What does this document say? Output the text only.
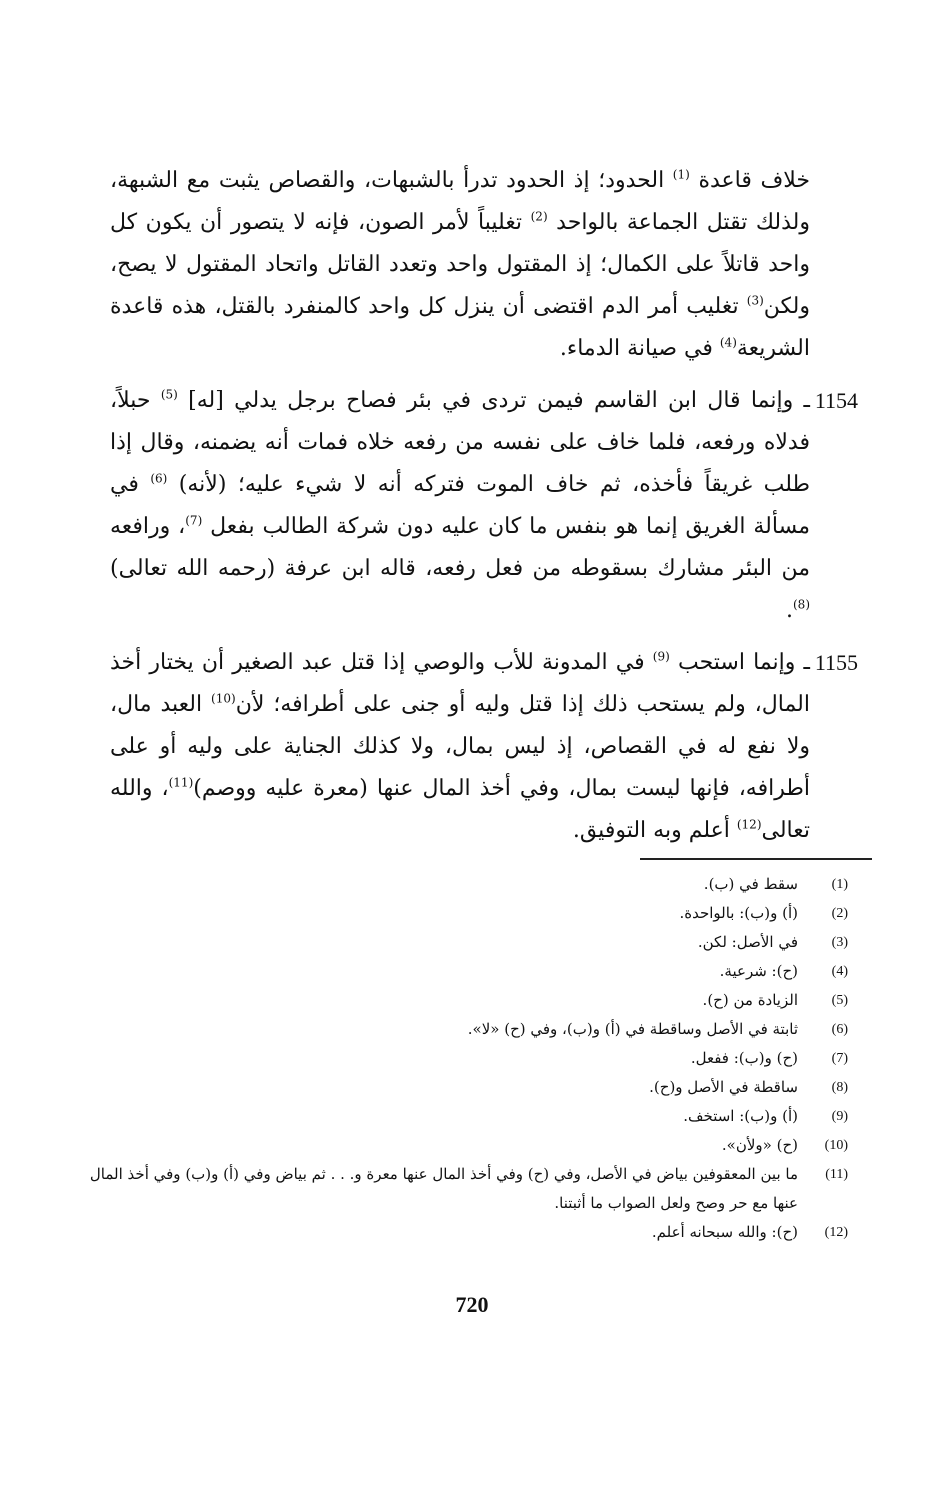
خلاف قاعدة $^{(1)}$ الحدود؛ إذ الحدود تدرأ بالشبهات، والقصاص يثبت مع الشبهة، ولذلك تقتل الجماعة بالواحد $^{(2)}$ تغليباً لأمر الصون، فإنه لا يتصور أن يكون كل واحد قاتلاً على الكمال؛ إذ المقتول واحد وتعدد القاتل واتحاد المقتول لا يصح، ولكن$^{(3)}$ تغليب أمر الدم اقتضى أن ينزل كل واحد كالمنفرد بالقتل، هذه قاعدة الشريعة$^{(4)}$ في صيانة الدماء.

1154
ـ وإنما قال ابن القاسم فيمن تردى في بئر فصاح برجل يدلي [له] $^{(5)}$ حبلاً، فدلاه ورفعه، فلما خاف على نفسه من رفعه خلاه فمات أنه يضمنه، وقال إذا طلب غريقاً فأخذه، ثم خاف الموت فتركه أنه لا شيء عليه؛ (لأنه) $^{(6)}$ في مسألة الغريق إنما هو بنفس ما كان عليه دون شركة الطالب بفعل $^{(7)}$، ورافعه من البئر مشارك بسقوطه من فعل رفعه، قاله ابن عرفة (رحمه الله تعالى) $^{(8)}$.

1155
ـ وإنما استحب $^{(9)}$ في المدونة للأب والوصي إذا قتل عبد الصغير أن يختار أخذ المال، ولم يستحب ذلك إذا قتل وليه أو جنى على أطرافه؛ لأن$^{(10)}$ العبد مال، ولا نفع له في القصاص، إذ ليس بمال، ولا كذلك الجناية على وليه أو على أطرافه، فإنها ليست بمال، وفي أخذ المال عنها (معرة عليه ووصم)$^{(11)}$، والله تعالى$^{(12)}$ أعلم وبه التوفيق.

(1)
سقط في (ب).
(2)
(أ) و(ب): بالواحدة.
(3)
في الأصل: لكن.
(4)
(ح): شرعية.
(5)
الزيادة من (ح).
(6)
ثابتة في الأصل وساقطة في (أ) و(ب)، وفي (ح) «لا».
(7)
(ح) و(ب): ففعل.
(8)
ساقطة في الأصل و(ح).
(9)
(أ) و(ب): استخف.
(10)
(ح) «ولأن».
(11)
ما بين المعقوفين بياض في الأصل، وفي (ح) وفي أخذ المال عنها معرة و. . . ثم بياض وفي (أ) و(ب) وفي أخذ المال عنها مع حر وصح ولعل الصواب ما أثبتنا.
(12)
(ح): والله سبحانه أعلم.
720
